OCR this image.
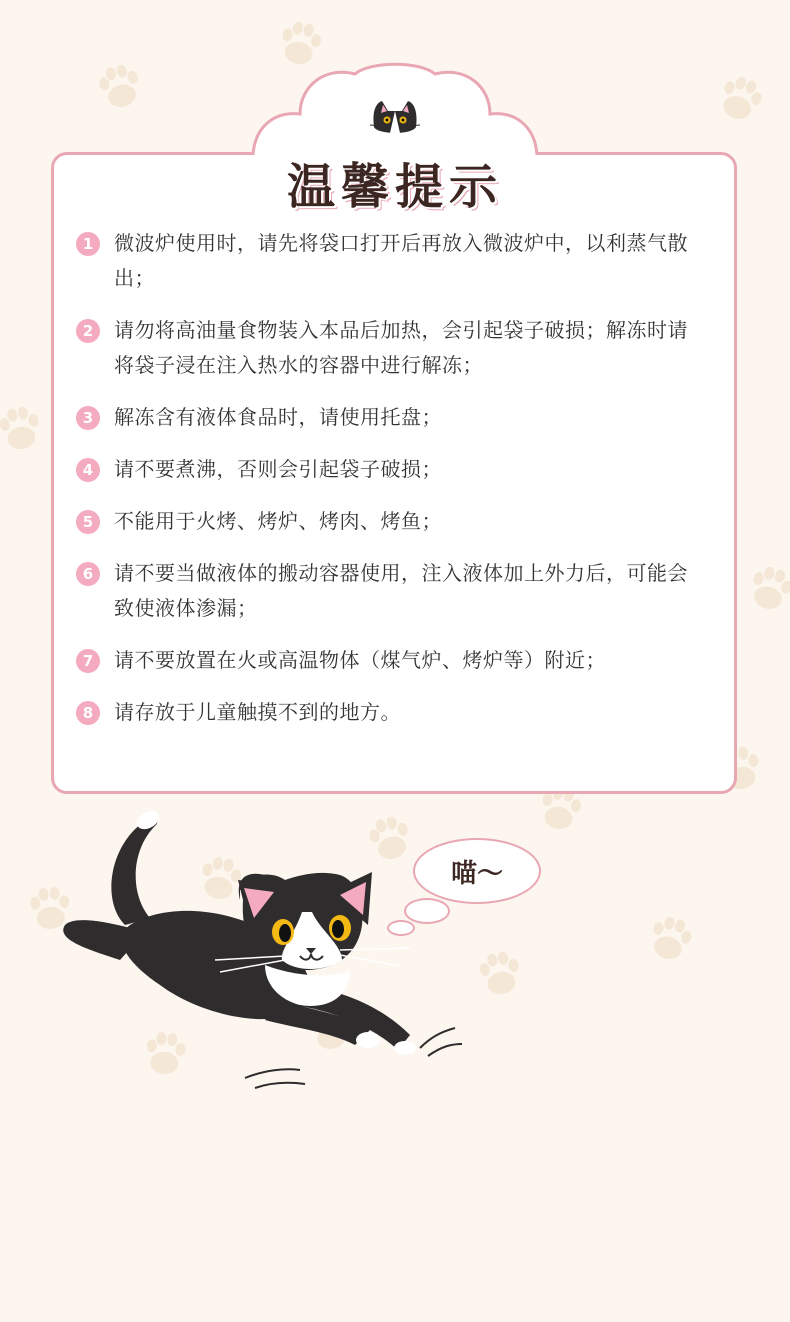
温馨提示
1	微波炉使用时，请先将袋口打开后再放入微波炉中，以利蒸气散出；
2	请勿将高油量食物装入本品后加热，会引起袋子破损；解冻时请将袋子浸在注入热水的容器中进行解冻；
3	解冻含有液体食品时，请使用托盘；
4	请不要煮沸，否则会引起袋子破损；
5	不能用于火烤、烤炉、烤肉、烤鱼；
6	请不要当做液体的搬动容器使用，注入液体加上外力后，可能会致使液体渗漏；
7	请不要放置在火或高温物体（煤气炉、烤炉等）附近；
8	请存放于儿童触摸不到的地方。
喵～
